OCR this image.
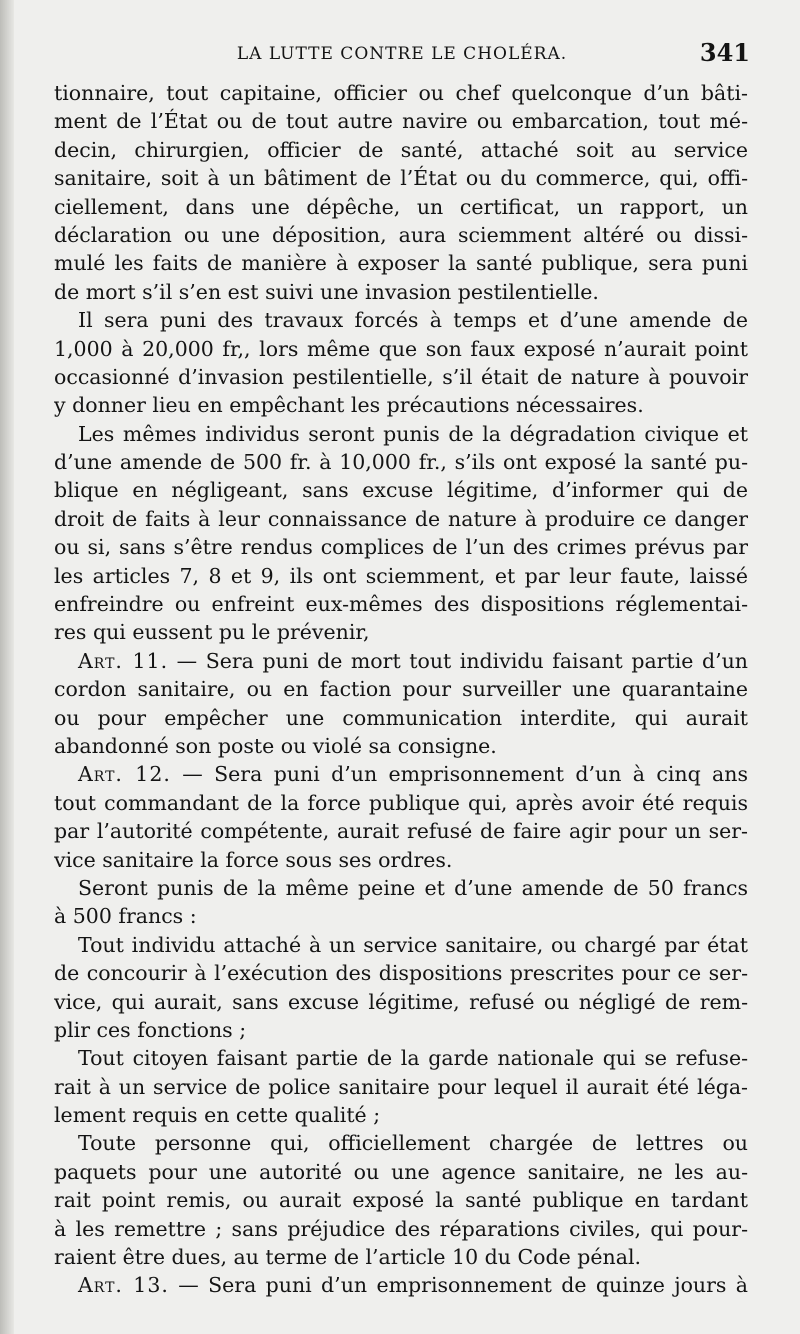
LA LUTTE CONTRE LE CHOLÉRA.	341
tionnaire, tout capitaine, officier ou chef quelconque d’un bâti-
ment de l’État ou de tout autre navire ou embarcation, tout mé-
decin, chirurgien, officier de santé, attaché soit au service
sanitaire, soit à un bâtiment de l’État ou du commerce, qui, offi-
ciellement, dans une dépêche, un certificat, un rapport, un
déclaration ou une déposition, aura sciemment altéré ou dissi-
mulé les faits de manière à exposer la santé publique, sera puni
de mort s’il s’en est suivi une invasion pestilentielle.
Il sera puni des travaux forcés à temps et d’une amende de
1,000 à 20,000 fr,, lors même que son faux exposé n’aurait point
occasionné d’invasion pestilentielle, s’il était de nature à pouvoir
y donner lieu en empêchant les précautions nécessaires.
Les mêmes individus seront punis de la dégradation civique et
d’une amende de 500 fr. à 10,000 fr., s’ils ont exposé la santé pu-
blique en négligeant, sans excuse légitime, d’informer qui de
droit de faits à leur connaissance de nature à produire ce danger
ou si, sans s’être rendus complices de l’un des crimes prévus par
les articles 7, 8 et 9, ils ont sciemment, et par leur faute, laissé
enfreindre ou enfreint eux-mêmes des dispositions réglementai-
res qui eussent pu le prévenir,
Art. 11. — Sera puni de mort tout individu faisant partie d’un
cordon sanitaire, ou en faction pour surveiller une quarantaine
ou pour empêcher une communication interdite, qui aurait
abandonné son poste ou violé sa consigne.
Art. 12. — Sera puni d’un emprisonnement d’un à cinq ans
tout commandant de la force publique qui, après avoir été requis
par l’autorité compétente, aurait refusé de faire agir pour un ser-
vice sanitaire la force sous ses ordres.
Seront punis de la même peine et d’une amende de 50 francs
à 500 francs :
Tout individu attaché à un service sanitaire, ou chargé par état
de concourir à l’exécution des dispositions prescrites pour ce ser-
vice, qui aurait, sans excuse légitime, refusé ou négligé de rem-
plir ces fonctions ;
Tout citoyen faisant partie de la garde nationale qui se refuse-
rait à un service de police sanitaire pour lequel il aurait été léga-
lement requis en cette qualité ;
Toute personne qui, officiellement chargée de lettres ou
paquets pour une autorité ou une agence sanitaire, ne les au-
rait point remis, ou aurait exposé la santé publique en tardant
à les remettre ; sans préjudice des réparations civiles, qui pour-
raient être dues, au terme de l’article 10 du Code pénal.
Art. 13. — Sera puni d’un emprisonnement de quinze jours à
